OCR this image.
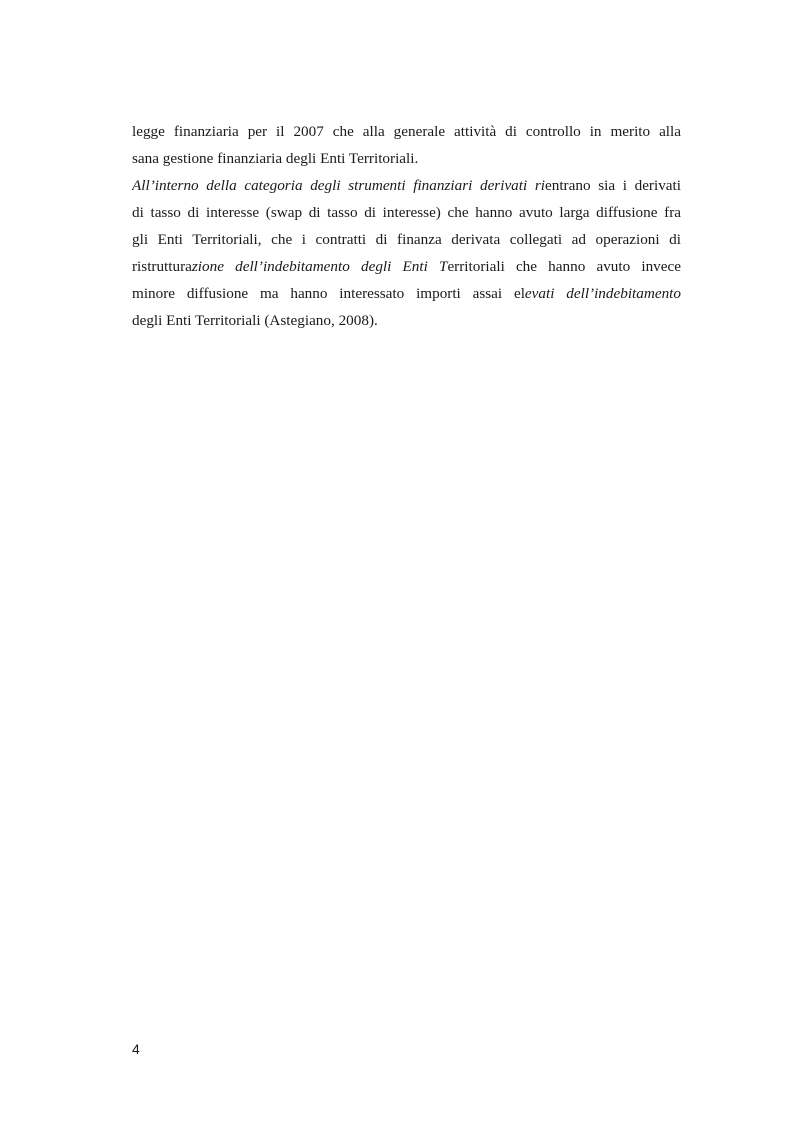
legge finanziaria per il 2007 che alla generale attività di controllo in merito alla
sana gestione finanziaria degli Enti Territoriali.
All’interno della categoria degli strumenti finanziari derivati rientrano sia i derivati
di tasso di interesse (swap di tasso di interesse) che hanno avuto larga diffusione fra
gli Enti Territoriali, che i contratti di finanza derivata collegati ad operazioni di
ristrutturazione dell’indebitamento degli Enti Territoriali che hanno avuto invece
minore diffusione ma hanno interessato importi assai elevati dell’indebitamento
degli Enti Territoriali (Astegiano, 2008).
4
